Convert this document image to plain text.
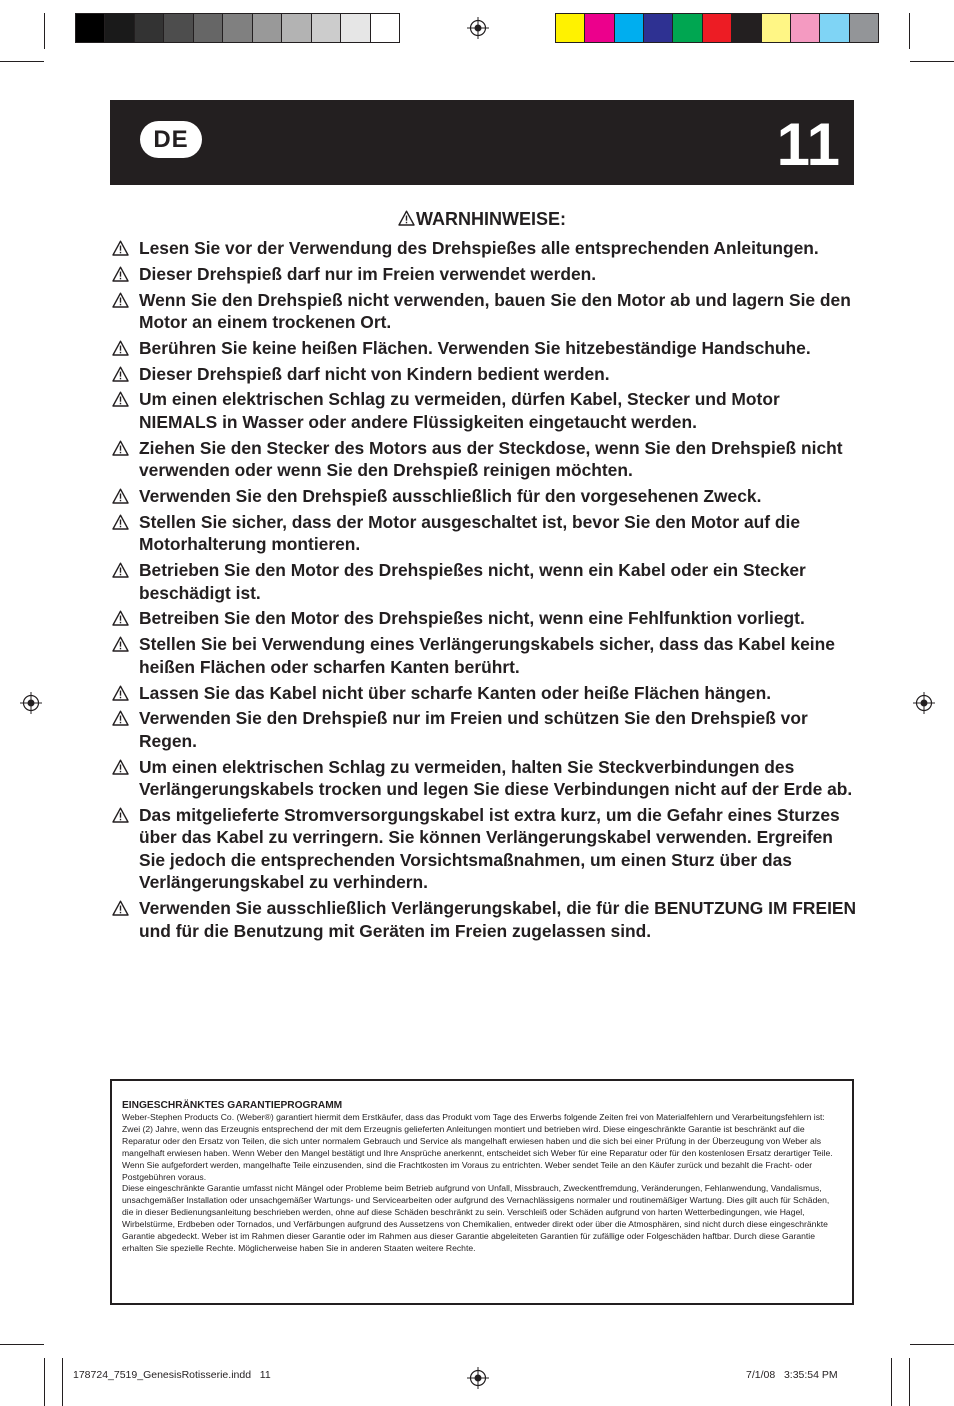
DE	11
WARNHINWEISE:
Lesen Sie vor der Verwendung des Drehspießes alle entsprechenden Anleitungen.
Dieser Drehspieß darf nur im Freien verwendet werden.
Wenn Sie den Drehspieß nicht verwenden, bauen Sie den Motor ab und lagern Sie den Motor an einem trockenen Ort.
Berühren Sie keine heißen Flächen. Verwenden Sie hitzebeständige Handschuhe.
Dieser Drehspieß darf nicht von Kindern bedient werden.
Um einen elektrischen Schlag zu vermeiden, dürfen Kabel, Stecker und Motor NIEMALS in Wasser oder andere Flüssigkeiten eingetaucht werden.
Ziehen Sie den Stecker des Motors aus der Steckdose, wenn Sie den Drehspieß nicht verwenden oder wenn Sie den Drehspieß reinigen möchten.
Verwenden Sie den Drehspieß ausschließlich für den vorgesehenen Zweck.
Stellen Sie sicher, dass der Motor ausgeschaltet ist, bevor Sie den Motor auf die Motorhalterung montieren.
Betrieben Sie den Motor des Drehspießes nicht, wenn ein Kabel oder ein Stecker beschädigt ist.
Betreiben Sie den Motor des Drehspießes nicht, wenn eine Fehlfunktion vorliegt.
Stellen Sie bei Verwendung eines Verlängerungskabels sicher, dass das Kabel keine heißen Flächen oder scharfen Kanten berührt.
Lassen Sie das Kabel nicht über scharfe Kanten oder heiße Flächen hängen.
Verwenden Sie den Drehspieß nur im Freien und schützen Sie den Drehspieß vor Regen.
Um einen elektrischen Schlag zu vermeiden, halten Sie Steckverbindungen des Verlängerungskabels trocken und legen Sie diese Verbindungen nicht auf der Erde ab.
Das mitgelieferte Stromversorgungskabel ist extra kurz, um die Gefahr eines Sturzes über das Kabel zu verringern. Sie können Verlängerungskabel verwenden. Ergreifen Sie jedoch die entsprechenden Vorsichtsmaßnahmen, um einen Sturz über das Verlängerungskabel zu verhindern.
Verwenden Sie ausschließlich Verlängerungskabel, die für die BENUTZUNG IM FREIEN und für die Benutzung mit Geräten im Freien zugelassen sind.

EINGESCHRÄNKTES GARANTIEPROGRAMM

Weber-Stephen Products Co. (Weber®) garantiert hiermit dem Erstkäufer, dass das Produkt vom Tage des Erwerbs folgende Zeiten frei von Materialfehlern und Verarbeitungsfehlern ist: Zwei (2) Jahre, wenn das Erzeugnis entsprechend der mit dem Erzeugnis gelieferten Anleitungen montiert und betrieben wird. Diese eingeschränkte Garantie ist beschränkt auf die Reparatur oder den Ersatz von Teilen, die sich unter normalem Gebrauch und Service als mangelhaft erwiesen haben und die sich bei einer Prüfung in der Überzeugung von Weber als mangelhaft erwiesen haben. Wenn Weber den Mangel bestätigt und Ihre Ansprüche anerkennt, entscheidet sich Weber für eine Reparatur oder für den kostenlosen Ersatz derartiger Teile. Wenn Sie aufgefordert werden, mangelhafte Teile einzusenden, sind die Frachtkosten im Voraus zu entrichten. Weber sendet Teile an den Käufer zurück und bezahlt die Fracht- oder Postgebühren voraus.

Diese eingeschränkte Garantie umfasst nicht Mängel oder Probleme beim Betrieb aufgrund von Unfall, Missbrauch, Zweckentfremdung, Veränderungen, Fehlanwendung, Vandalismus, unsachgemäßer Installation oder unsachgemäßer Wartungs- und Servicearbeiten oder aufgrund des Vernachlässigens normaler und routinemäßiger Wartung. Dies gilt auch für Schäden, die in dieser Bedienungsanleitung beschrieben werden, ohne auf diese Schäden beschränkt zu sein. Verschleiß oder Schäden aufgrund von harten Wetterbedingungen, wie Hagel, Wirbelstürme, Erdbeben oder Tornados, und Verfärbungen aufgrund des Aussetzens von Chemikalien, entweder direkt oder über die Atmosphären, sind nicht durch diese eingeschränkte Garantie abgedeckt. Weber ist im Rahmen dieser Garantie oder im Rahmen aus dieser Garantie abgeleiteten Garantien für zufällige oder Folgeschäden haftbar. Durch diese Garantie erhalten Sie spezielle Rechte. Möglicherweise haben Sie in anderen Staaten weitere Rechte.

178724_7519_GenesisRotisserie.indd   11	7/1/08   3:35:54 PM
